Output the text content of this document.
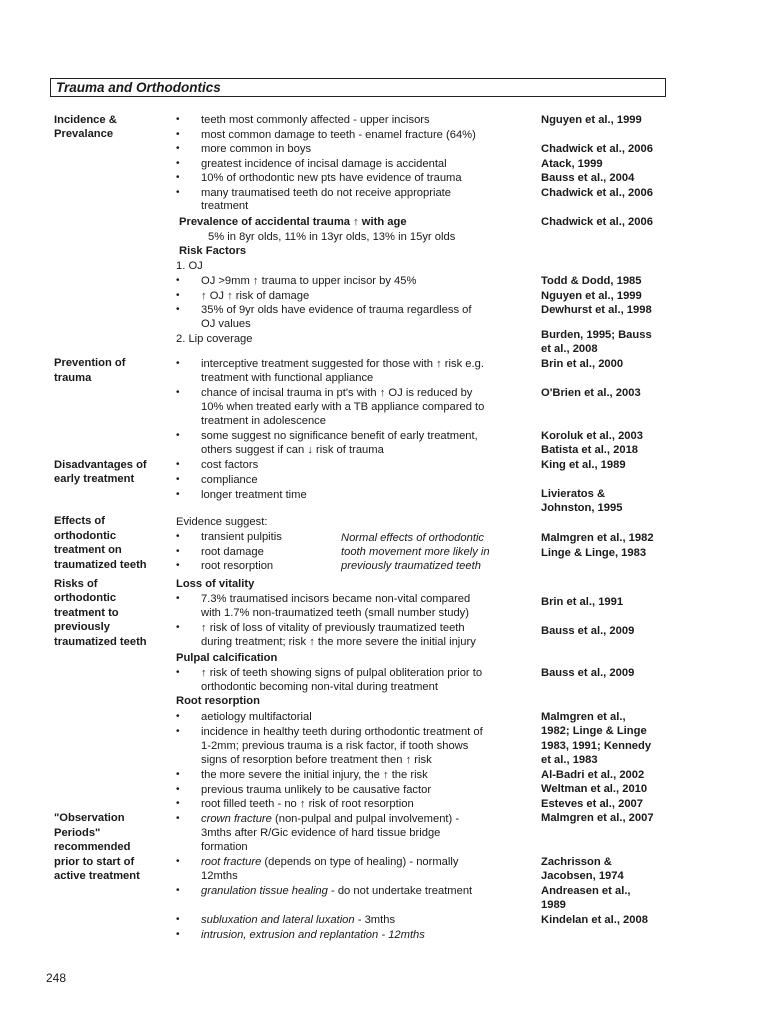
Trauma and Orthodontics
Incidence &
Prevalance
Prevention of
trauma
Disadvantages of
early treatment
Effects of
orthodontic
treatment on
traumatized teeth
Risks of
orthodontic
treatment to
previously
traumatized teeth
"Observation
Periods"
recommended
prior to start of
active treatment
• teeth most commonly affected - upper incisors
• most common damage to teeth - enamel fracture (64%)
• more common in boys
• greatest incidence of incisal damage is accidental
• 10% of orthodontic new pts have evidence of trauma
• many traumatised teeth do not receive appropriate
treatment
Prevalence of accidental trauma ↑ with age
5% in 8yr olds, 11% in 13yr olds, 13% in 15yr olds
Risk Factors
1. OJ
• OJ >9mm ↑ trauma to upper incisor by 45%
• ↑ OJ ↑ risk of damage
• 35% of 9yr olds have evidence of trauma regardless of
OJ values
2. Lip coverage
• interceptive treatment suggested for those with ↑ risk e.g.
treatment with functional appliance
• chance of incisal trauma in pt's with ↑ OJ is reduced by
10% when treated early with a TB appliance compared to
treatment in adolescence
• some suggest no significance benefit of early treatment,
others suggest if can ↓ risk of trauma
• cost factors
• compliance
• longer treatment time
Evidence suggest:
• transient pulpitis
• root damage
• root resorption
Normal effects of orthodontic
tooth movement more likely in
previously traumatized teeth
Loss of vitality
• 7.3% traumatised incisors became non-vital compared
with 1.7% non-traumatized teeth (small number study)
• ↑ risk of loss of vitality of previously traumatized teeth
during treatment; risk ↑ the more severe the initial injury
Pulpal calcification
• ↑ risk of teeth showing signs of pulpal obliteration prior to
orthodontic becoming non-vital during treatment
Root resorption
• aetiology multifactorial
• incidence in healthy teeth during orthodontic treatment of
1-2mm; previous trauma is a risk factor, if tooth shows
signs of resorption before treatment then ↑ risk
• the more severe the initial injury, the ↑ the risk
• previous trauma unlikely to be causative factor
• root filled teeth - no ↑ risk of root resorption
• crown fracture (non-pulpal and pulpal involvement) -
3mths after R/Gic evidence of hard tissue bridge
formation
• root fracture (depends on type of healing) - normally
12mths
• granulation tissue healing - do not undertake treatment
• subluxation and lateral luxation - 3mths
• intrusion, extrusion and replantation - 12mths
Nguyen et al., 1999
Chadwick et al., 2006
Atack, 1999
Bauss et al., 2004
Chadwick et al., 2006
Chadwick et al., 2006
Todd & Dodd, 1985
Nguyen et al., 1999
Dewhurst et al., 1998
Burden, 1995; Bauss
et al., 2008
Brin et al., 2000
O'Brien et al., 2003
Koroluk et al., 2003
Batista et al., 2018
King et al., 1989
Livieratos &
Johnston, 1995
Malmgren et al., 1982
Linge & Linge, 1983
Brin et al., 1991
Bauss et al., 2009
Bauss et al., 2009
Malmgren et al.,
1982; Linge & Linge
1983, 1991; Kennedy
et al., 1983
Al-Badri et al., 2002
Weltman et al., 2010
Esteves et al., 2007
Malmgren et al., 2007
Zachrisson &
Jacobsen, 1974
Andreasen et al.,
1989
Kindelan et al., 2008
248
